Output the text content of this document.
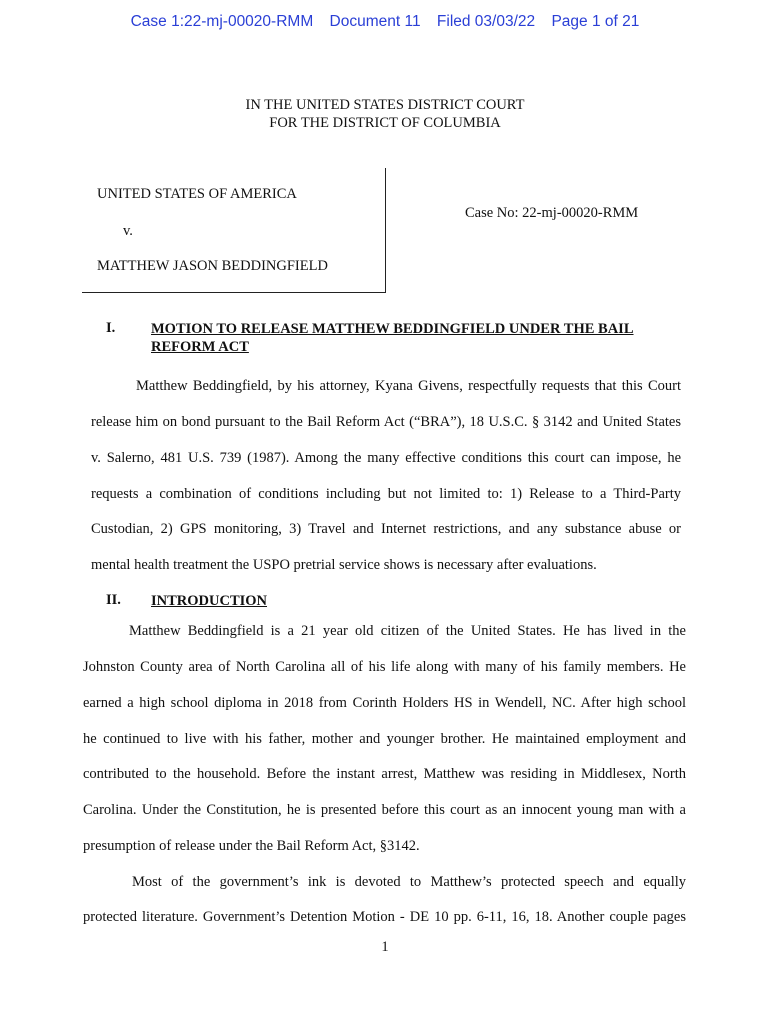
Case 1:22-mj-00020-RMM Document 11 Filed 03/03/22 Page 1 of 21
IN THE UNITED STATES DISTRICT COURT
FOR THE DISTRICT OF COLUMBIA
UNITED STATES OF AMERICA
v.
MATTHEW JASON BEDDINGFIELD
Case No: 22-mj-00020-RMM
I. MOTION TO RELEASE MATTHEW BEDDINGFIELD UNDER THE BAIL
REFORM ACT
Matthew Beddingfield, by his attorney, Kyana Givens, respectfully requests that this Court
release him on bond pursuant to the Bail Reform Act (“BRA”), 18 U.S.C. § 3142 and United States
v. Salerno, 481 U.S. 739 (1987). Among the many effective conditions this court can impose, he
requests a combination of conditions including but not limited to: 1) Release to a Third-Party
Custodian, 2) GPS monitoring, 3) Travel and Internet restrictions, and any substance abuse or
mental health treatment the USPO pretrial service shows is necessary after evaluations.
II. INTRODUCTION
Matthew Beddingfield is a 21 year old citizen of the United States. He has lived in the
Johnston County area of North Carolina all of his life along with many of his family members. He
earned a high school diploma in 2018 from Corinth Holders HS in Wendell, NC. After high school
he continued to live with his father, mother and younger brother. He maintained employment and
contributed to the household. Before the instant arrest, Matthew was residing in Middlesex, North
Carolina. Under the Constitution, he is presented before this court as an innocent young man with a
presumption of release under the Bail Reform Act, §3142.
Most of the government’s ink is devoted to Matthew’s protected speech and equally
protected literature. Government’s Detention Motion - DE 10 pp. 6-11, 16, 18. Another couple pages
1
